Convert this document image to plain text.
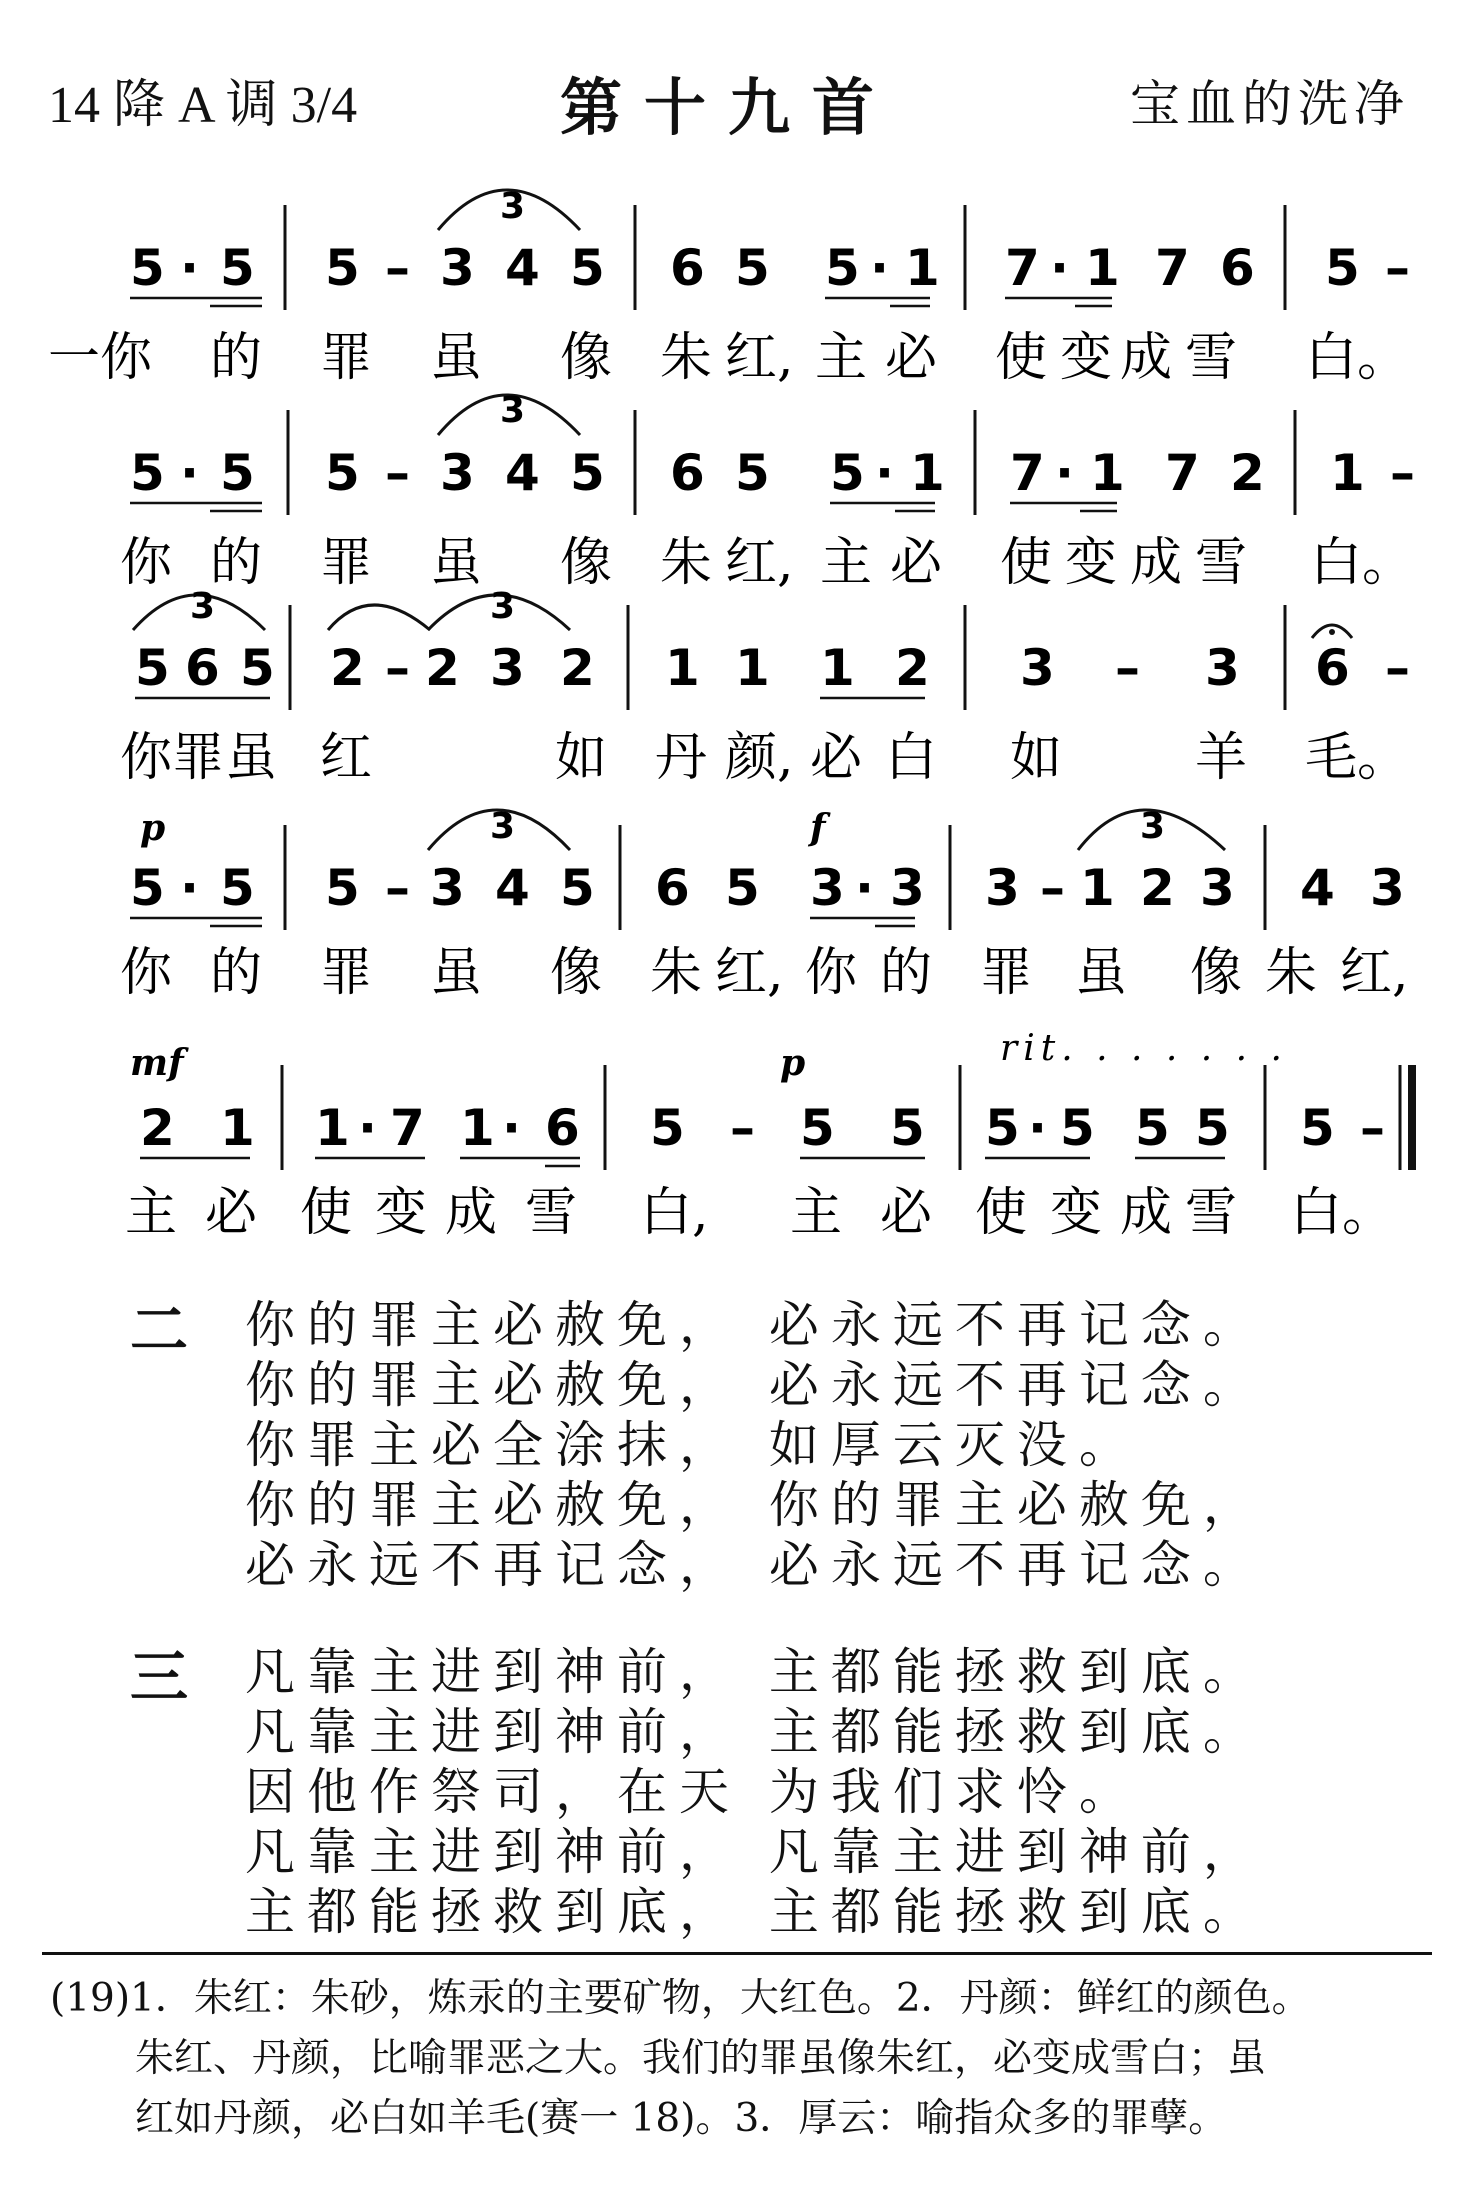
14 降 A 调 3/4	第十九首	宝血的洗净
5 · 5 5 – 3 4 5
3
6 5 5 · 1 7 · 1 7 6 5 –
一你 的 罪 虽 像 朱 红, 主 必 使 变 成 雪 白。
5 · 5 5 – 3 4 5
3
6 5 5 · 1 7 · 1 7 2 1 –
你 的 罪 虽 像 朱 红, 主 必 使 变 成 雪 白。
5 6 5
3
2 – 2 3 2
3
1 1 1 2 3 – 3 6 –
你 罪 虽 红	如 丹 颜, 必 白 如	羊 毛。
p	f
5 · 5 5 – 3 4 5
3
6 5 3 · 3 3 – 1 2 3
3
4 3
你 的 罪 虽 像 朱 红, 你 的 罪 虽 像 朱 红,
mf	p	rit. . . . . . .
2 1 1 · 7 1 · 6 5 – 5 5 5 · 5 5 5 5 –
主 必 使 变 成 雪 白, 主 必 使 变 成 雪 白。
二 你的罪主必赦免， 必永远不再记念。
你的罪主必赦免， 必永远不再记念。
你罪主必全涂抹， 如厚云灭没。
你的罪主必赦免， 你的罪主必赦免，
必永远不再记念， 必永远不再记念。
三 凡靠主进到神前， 主都能拯救到底。
凡靠主进到神前， 主都能拯救到底。
因他作祭司，在天 为我们求怜。
凡靠主进到神前， 凡靠主进到神前，
主都能拯救到底， 主都能拯救到底。
(19)1．朱红：朱砂，炼汞的主要矿物，大红色。2．丹颜：鲜红的颜色。
朱红、丹颜，比喻罪恶之大。我们的罪虽像朱红，必变成雪白；虽
红如丹颜，必白如羊毛(赛一 18)。3．厚云：喻指众多的罪孽。
